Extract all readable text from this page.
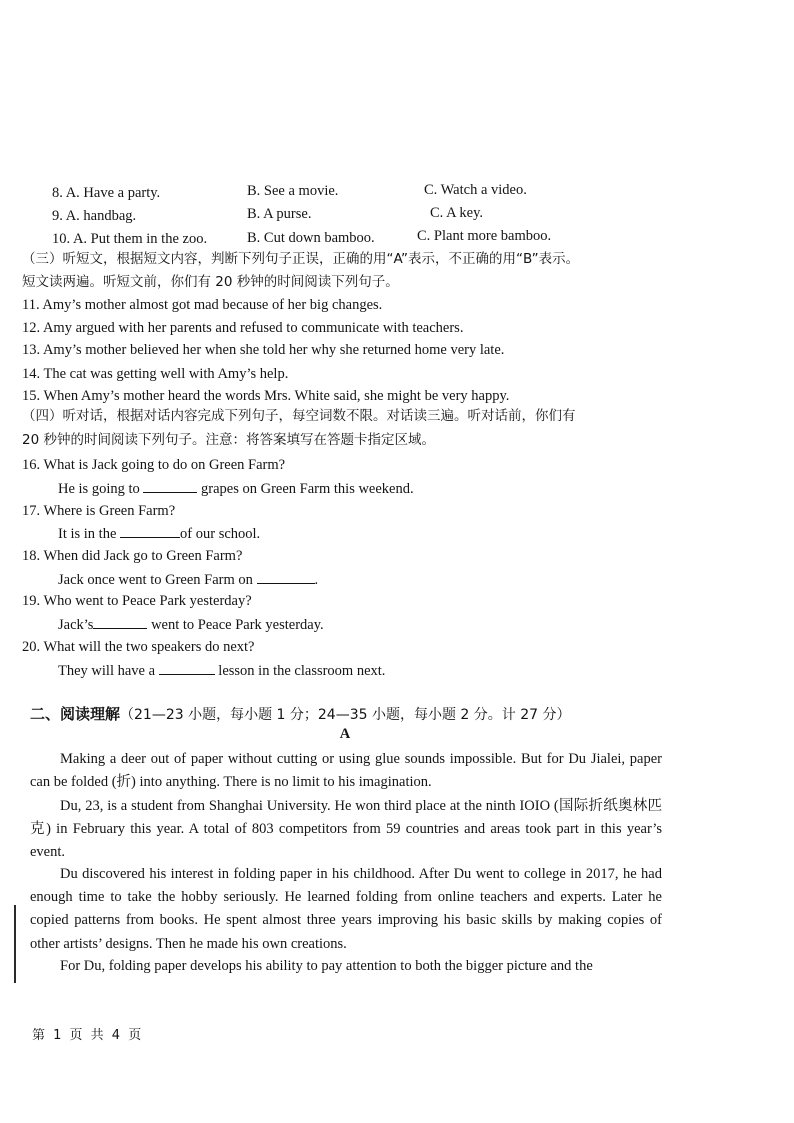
8. A. Have a party.	B. See a movie.	C. Watch a video.
9. A. handbag.	B. A purse.	C. A key.
10. A. Put them in the zoo.	B. Cut down bamboo.	C. Plant more bamboo.
（三）听短文，根据短文内容，判断下列句子正误，正确的用“A”表示，不正确的用“B”表示。
短文读两遍。听短文前，你们有 20 秒钟的时间阅读下列句子。
11. Amy’s mother almost got mad because of her big changes.
12. Amy argued with her parents and refused to communicate with teachers.
13. Amy’s mother believed her when she told her why she returned home very late.
14. The cat was getting well with Amy’s help.
15. When Amy’s mother heard the words Mrs. White said, she might be very happy.
（四）听对话，根据对话内容完成下列句子，每空词数不限。对话读三遍。听对话前，你们有
20 秒钟的时间阅读下列句子。注意：将答案填写在答题卡指定区域。
16. What is Jack going to do on Green Farm?
He is going to	grapes on Green Farm this weekend.
17. Where is Green Farm?
It is in the	of our school.
18. When did Jack go to Green Farm?
Jack once went to Green Farm on	.
19. Who went to Peace Park yesterday?
Jack’s	went to Peace Park yesterday.
20. What will the two speakers do next?
They will have a	lesson in the classroom next.
二、阅读理解（21—23 小题，每小题 1 分；24—35 小题，每小题 2 分。计 27 分）
A

Making a deer out of paper without cutting or using glue sounds impossible. But for Du Jialei, paper can be folded (折) into anything. There is no limit to his imagination.

Du, 23, is a student from Shanghai University. He won third place at the ninth IOIO (国际折纸奥林匹克) in February this year. A total of 803 competitors from 59 countries and areas took part in this year’s event.

Du discovered his interest in folding paper in his childhood. After Du went to college in 2017, he had enough time to take the hobby seriously. He learned folding from online teachers and experts. Later he copied patterns from books. He spent almost three years improving his basic skills by making copies of other artists’ designs. Then he made his own creations.

For Du, folding paper develops his ability to pay attention to both the bigger picture and the

第 1 页 共 4 页
